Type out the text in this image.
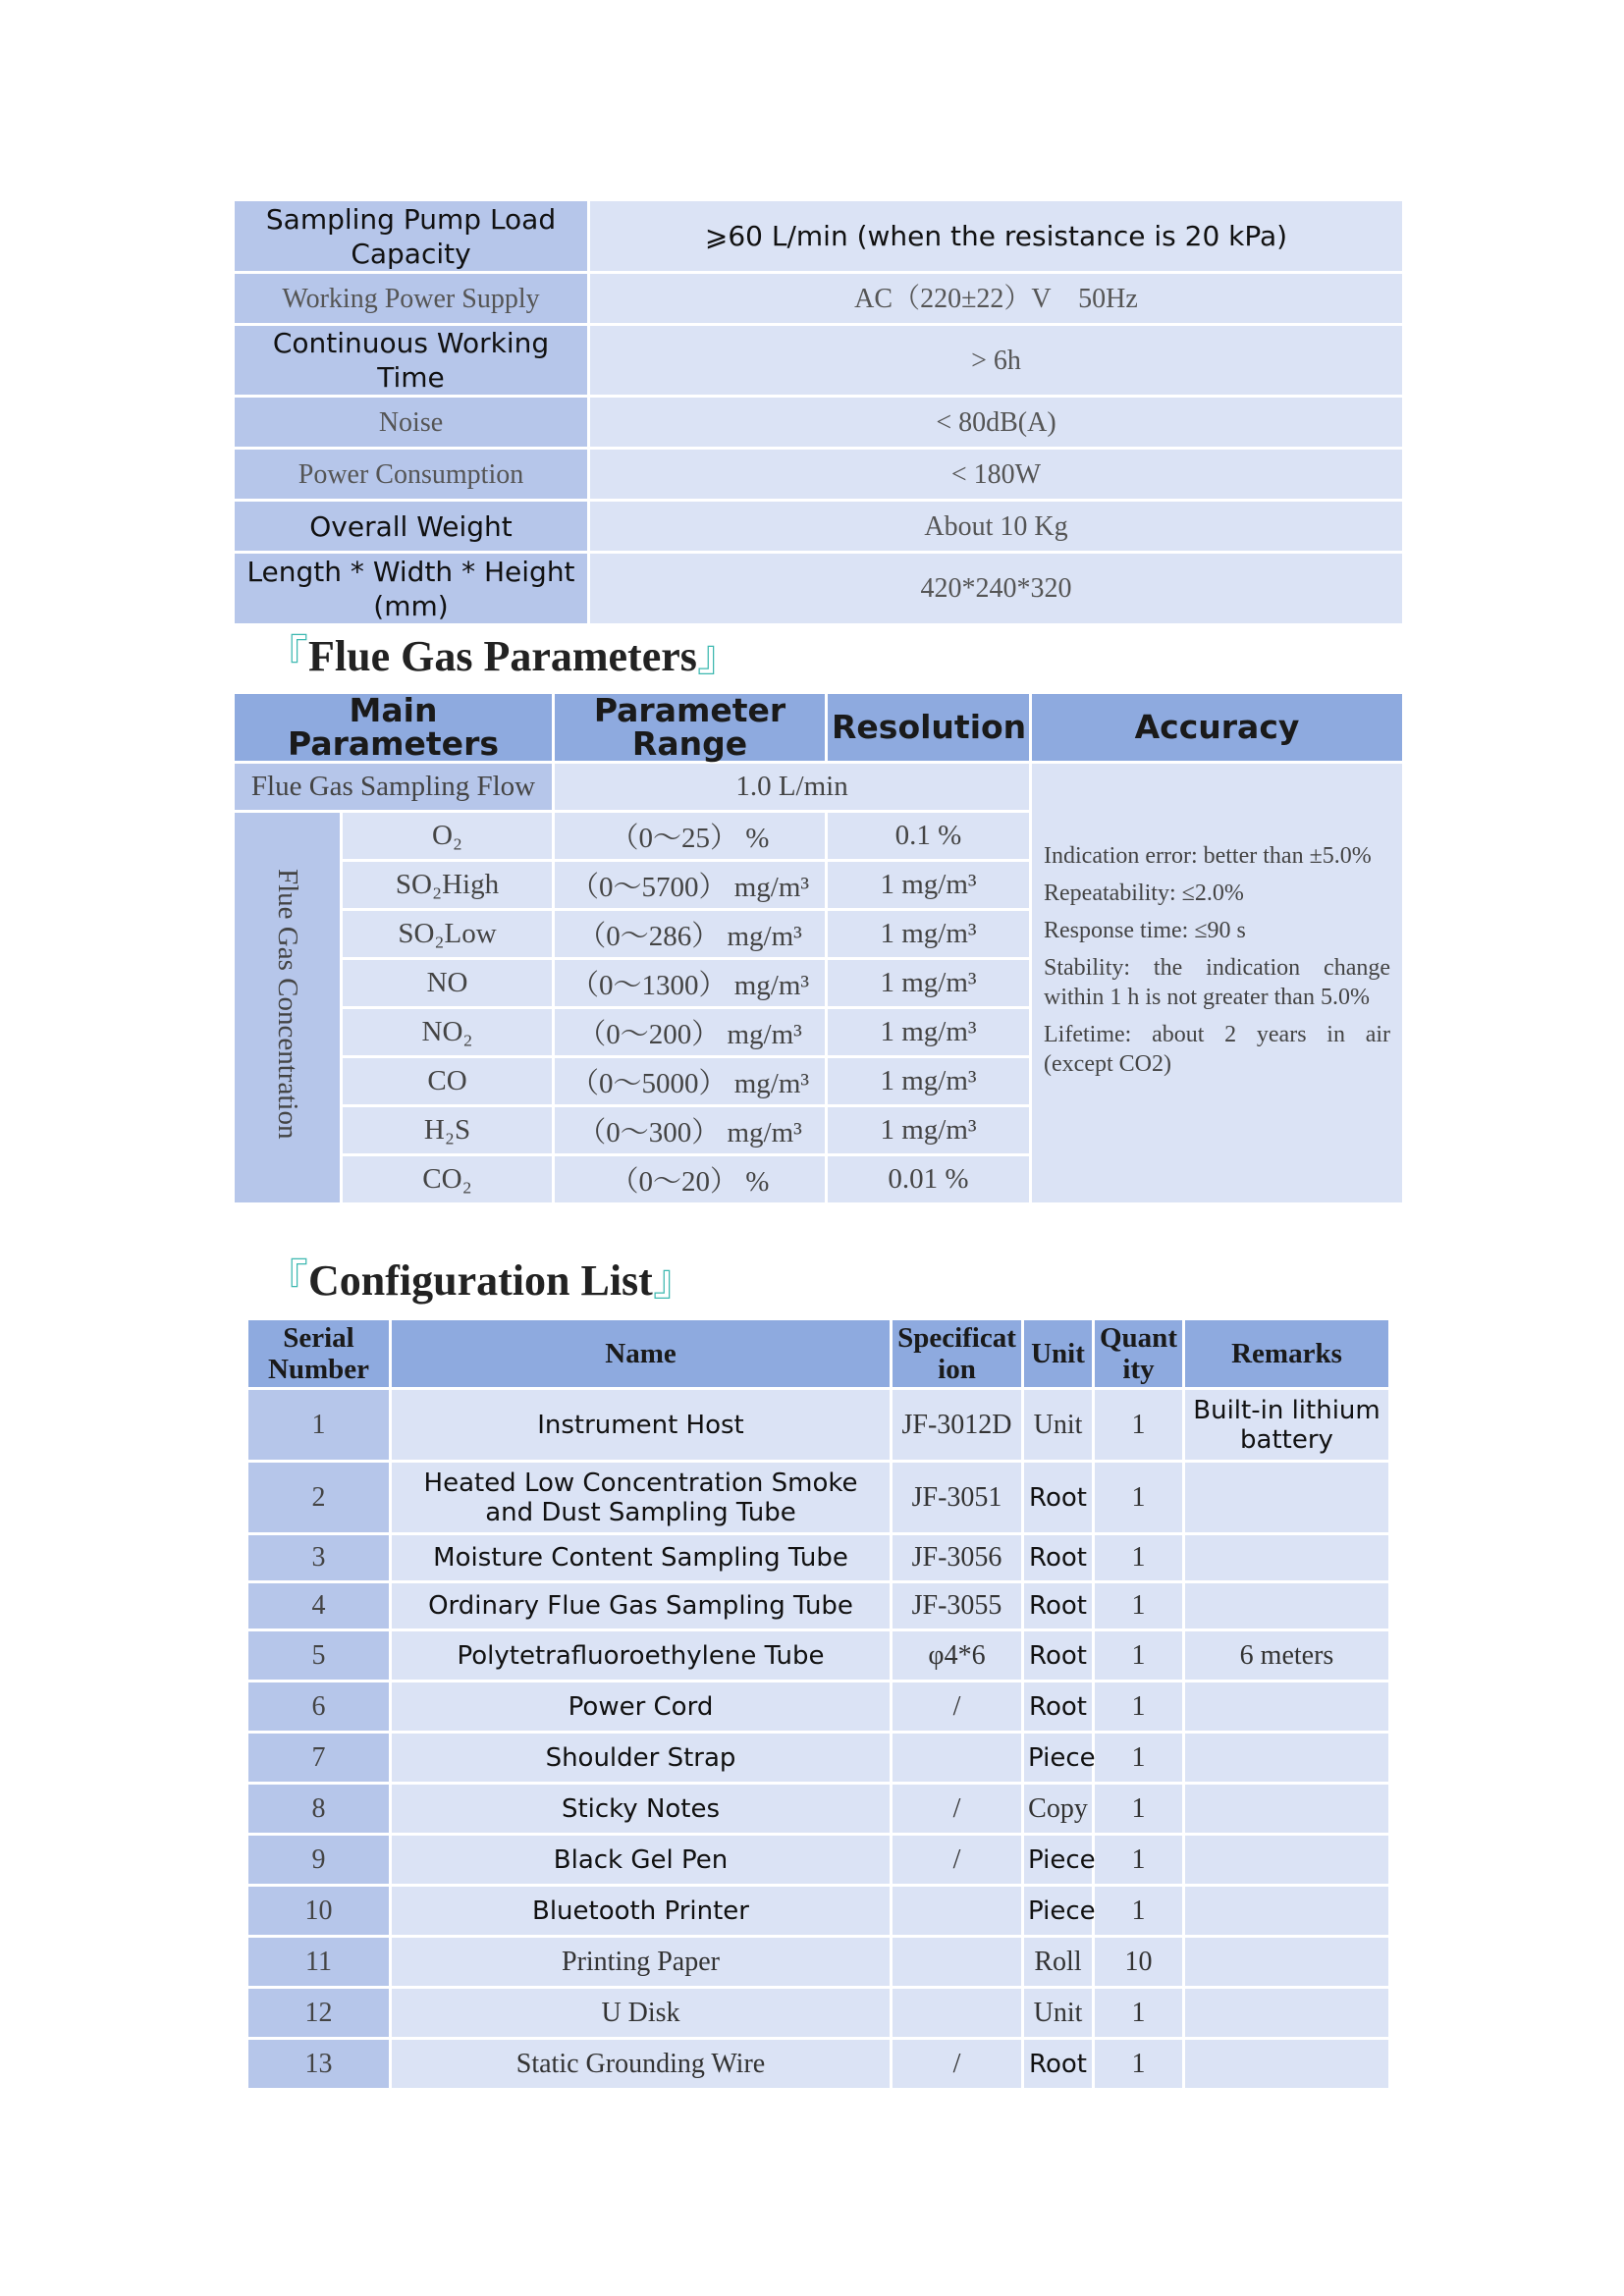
Sampling Pump Load Capacity	⩾60 L/min (when the resistance is 20 kPa)
Working Power Supply	AC（220±22）V　50Hz
Continuous Working Time	> 6h
Noise	< 80dB(A)
Power Consumption	< 180W
Overall Weight	About 10 Kg
Length * Width * Height (mm)	420*240*320
『Flue Gas Parameters』
Main Parameters		Parameter Range	Resolution	Accuracy
Flue Gas Sampling Flow		1.0 L/min		Indication error: better than ±5.0%

Repeatability: ≤2.0%

Response time: ≤90 s

Stability: the indication change within 1 h is not greater than 5.0%

Lifetime: about 2 years in air (except CO2)

Flue Gas Concentration	O₂	（0～25） %	0.1 %	
	SO₂High	（0～5700） mg/m³	1 mg/m³	
	SO₂Low	（0～286） mg/m³	1 mg/m³	
	NO	（0～1300） mg/m³	1 mg/m³	
	NO₂	（0～200） mg/m³	1 mg/m³	
	CO	（0～5000） mg/m³	1 mg/m³	
	H₂S	（0～300） mg/m³	1 mg/m³	
	CO₂	（0～20） %	0.01 %	
『Configuration List』
Serial Number	Name	Specificat ion	Unit	Quant ity	Remarks
1	Instrument Host	JF-3012D	Unit	1	Built-in lithium battery
2	Heated Low Concentration Smoke and Dust Sampling Tube	JF-3051	Root	1	
3	Moisture Content Sampling Tube	JF-3056	Root	1	
4	Ordinary Flue Gas Sampling Tube	JF-3055	Root	1	
5	Polytetrafluoroethylene Tube	φ4*6	Root	1	6 meters
6	Power Cord	/	Root	1	
7	Shoulder Strap		Piece	1	
8	Sticky Notes	/	Copy	1	
9	Black Gel Pen	/	Piece	1	
10	Bluetooth Printer		Piece	1	
11	Printing Paper		Roll	10	
12	U Disk		Unit	1	
13	Static Grounding Wire	/	Root	1	
